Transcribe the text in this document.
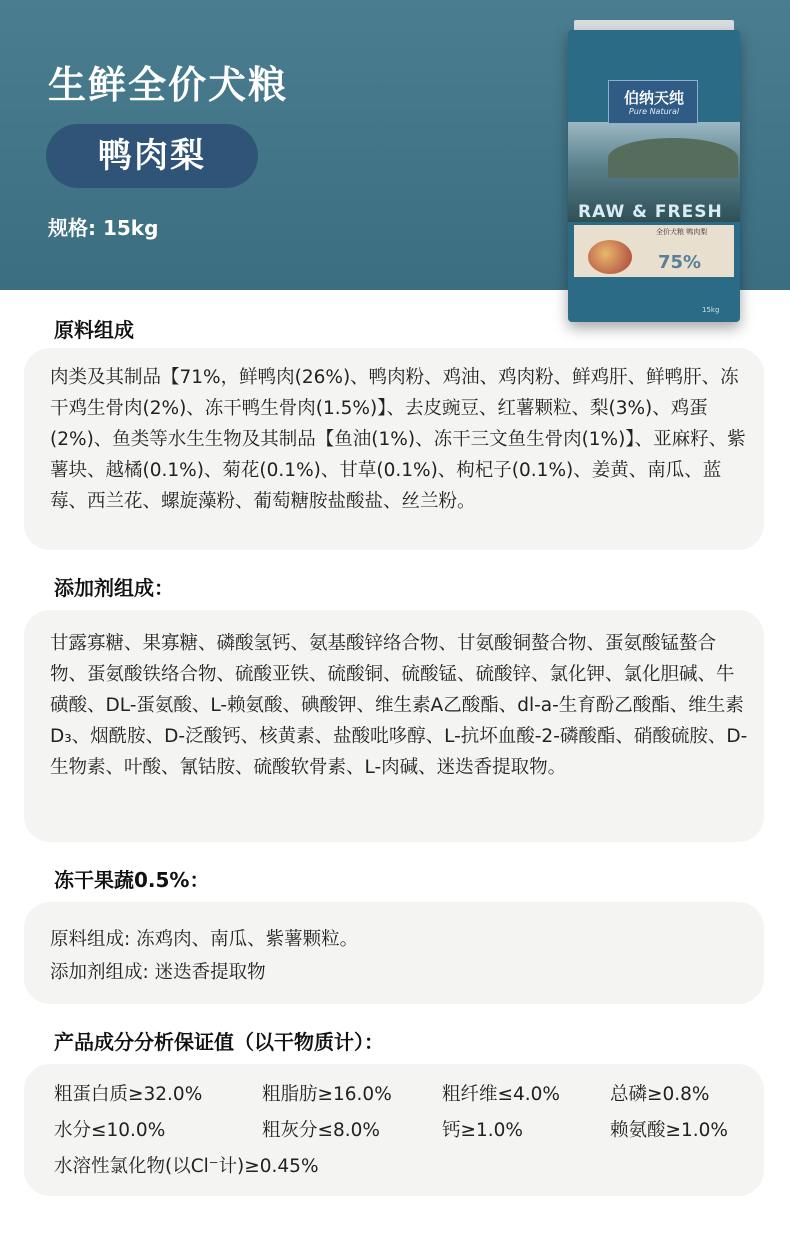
生鲜全价犬粮
鸭肉梨
规格: 15kg
伯纳天纯
Pure Natural
RAW & FRESH
全价犬粮 鸭肉梨
75%
15kg
原料组成
肉类及其制品【71%，鲜鸭肉(26%)、鸭肉粉、鸡油、鸡肉粉、鲜鸡肝、鲜鸭肝、冻干鸡生骨肉(2%)、冻干鸭生骨肉(1.5%)】、去皮豌豆、红薯颗粒、梨(3%)、鸡蛋(2%)、鱼类等水生生物及其制品【鱼油(1%)、冻干三文鱼生骨肉(1%)】、亚麻籽、紫薯块、越橘(0.1%)、菊花(0.1%)、甘草(0.1%)、枸杞子(0.1%)、姜黄、南瓜、蓝莓、西兰花、螺旋藻粉、葡萄糖胺盐酸盐、丝兰粉。
添加剂组成：
甘露寡糖、果寡糖、磷酸氢钙、氨基酸锌络合物、甘氨酸铜螯合物、蛋氨酸锰螯合物、蛋氨酸铁络合物、硫酸亚铁、硫酸铜、硫酸锰、硫酸锌、氯化钾、氯化胆碱、牛磺酸、DL-蛋氨酸、L-赖氨酸、碘酸钾、维生素A乙酸酯、dl-a-生育酚乙酸酯、维生素D₃、烟酰胺、D-泛酸钙、核黄素、盐酸吡哆醇、L-抗坏血酸-2-磷酸酯、硝酸硫胺、D-生物素、叶酸、氰钴胺、硫酸软骨素、L-肉碱、迷迭香提取物。
冻干果蔬0.5%：
原料组成: 冻鸡肉、南瓜、紫薯颗粒。
添加剂组成: 迷迭香提取物
产品成分分析保证值（以干物质计）：
粗蛋白质≥32.0%	粗脂肪≥16.0%	粗纤维≤4.0%	总磷≥0.8%
水分≤10.0%	粗灰分≤8.0%	钙≥1.0%	赖氨酸≥1.0%
水溶性氯化物(以Cl⁻计)≥0.45%
